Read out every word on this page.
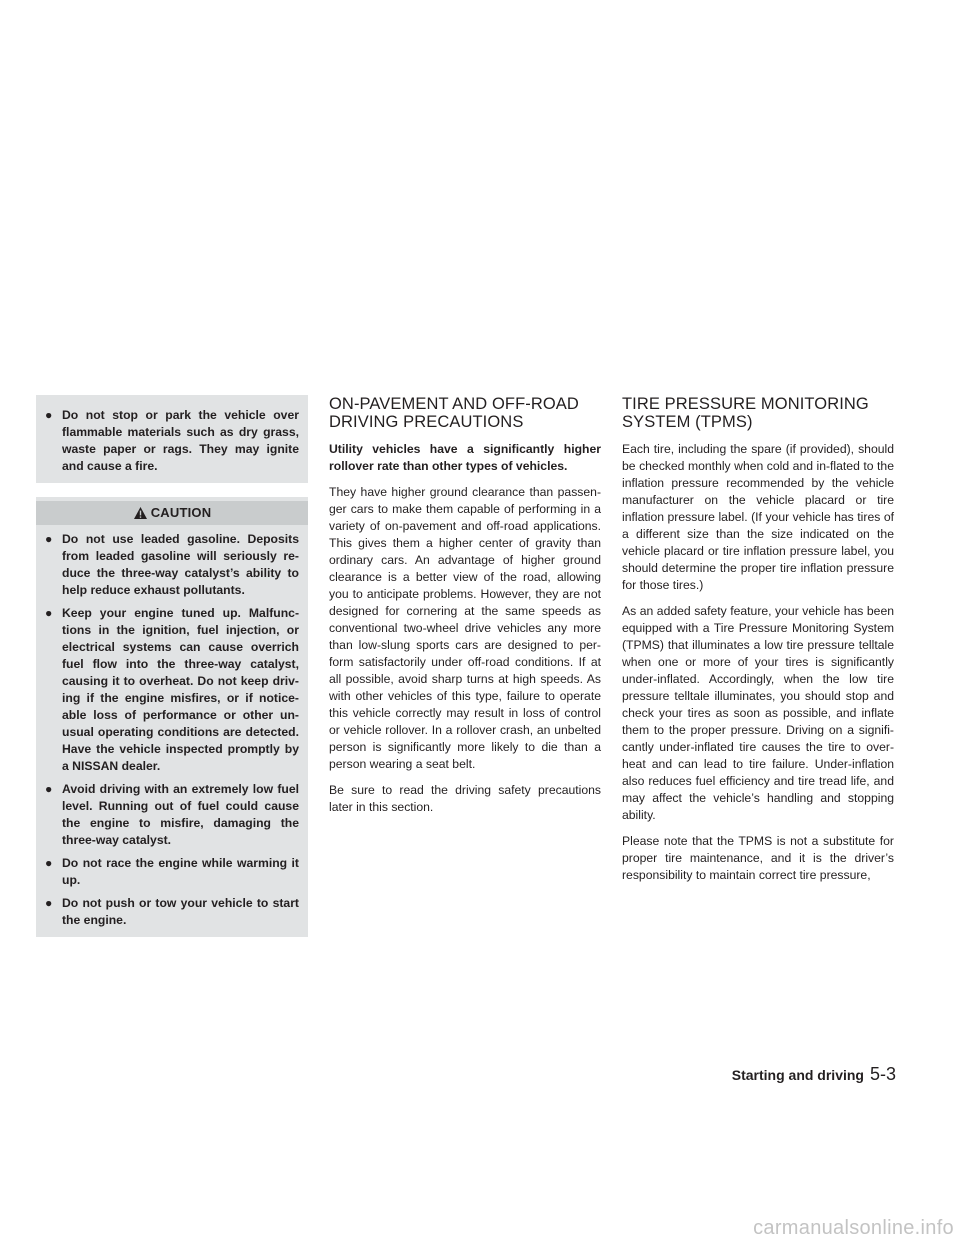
● Do not stop or park the vehicle over flammable materials such as dry grass, waste paper or rags. They may ignite and cause a fire.
CAUTION
● Do not use leaded gasoline. Deposits from leaded gasoline will seriously re-duce the three-way catalyst’s ability to help reduce exhaust pollutants.
● Keep your engine tuned up. Malfunc-tions in the ignition, fuel injection, or electrical systems can cause overrich fuel flow into the three-way catalyst, causing it to overheat. Do not keep driv-ing if the engine misfires, or if notice-able loss of performance or other un-usual operating conditions are detected. Have the vehicle inspected promptly by a NISSAN dealer.
● Avoid driving with an extremely low fuel level. Running out of fuel could cause the engine to misfire, damaging the three-way catalyst.
● Do not race the engine while warming it up.
● Do not push or tow your vehicle to start the engine.
ON-PAVEMENT AND OFF-ROAD DRIVING PRECAUTIONS

Utility vehicles have a significantly higher rollover rate than other types of vehicles.

They have higher ground clearance than passen-ger cars to make them capable of performing in a variety of on-pavement and off-road applications. This gives them a higher center of gravity than ordinary cars. An advantage of higher ground clearance is a better view of the road, allowing you to anticipate problems. However, they are not designed for cornering at the same speeds as conventional two-wheel drive vehicles any more than low-slung sports cars are designed to per-form satisfactorily under off-road conditions. If at all possible, avoid sharp turns at high speeds. As with other vehicles of this type, failure to operate this vehicle correctly may result in loss of control or vehicle rollover. In a rollover crash, an unbelted person is significantly more likely to die than a person wearing a seat belt.

Be sure to read the driving safety precautions later in this section.

TIRE PRESSURE MONITORING SYSTEM (TPMS)

Each tire, including the spare (if provided), should be checked monthly when cold and in-flated to the inflation pressure recommended by the vehicle manufacturer on the vehicle placard or tire inflation pressure label. (If your vehicle has tires of a different size than the size indicated on the vehicle placard or tire inflation pressure label, you should determine the proper tire inflation pressure for those tires.)

As an added safety feature, your vehicle has been equipped with a Tire Pressure Monitoring System (TPMS) that illuminates a low tire pressure telltale when one or more of your tires is significantly under-inflated. Accordingly, when the low tire pressure telltale illuminates, you should stop and check your tires as soon as possible, and inflate them to the proper pressure. Driving on a signifi-cantly under-inflated tire causes the tire to over-heat and can lead to tire failure. Under-inflation also reduces fuel efficiency and tire tread life, and may affect the vehicle’s handling and stopping ability.

Please note that the TPMS is not a substitute for proper tire maintenance, and it is the driver’s responsibility to maintain correct tire pressure,

Starting and driving 5-3
carmanualsonline.info
